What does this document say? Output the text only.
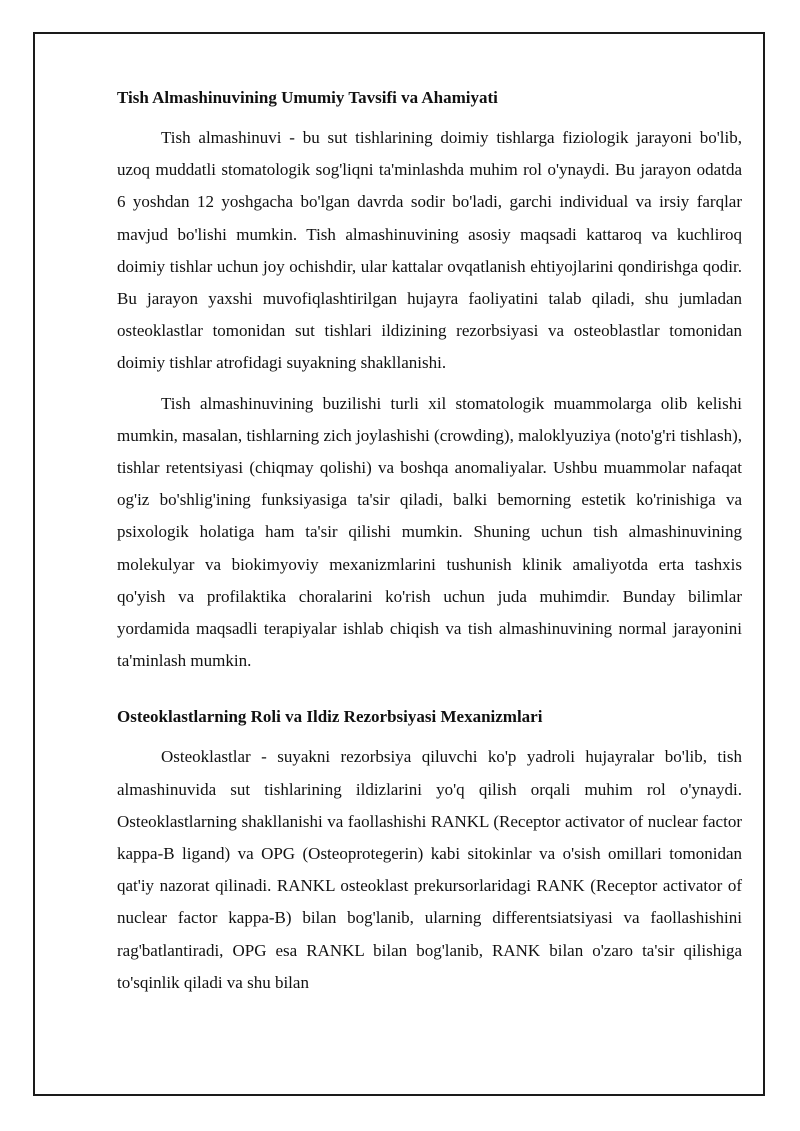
Tish Almashinuvining Umumiy Tavsifi va Ahamiyati

Tish almashinuvi - bu sut tishlarining doimiy tishlarga fiziologik jarayoni bo'lib, uzoq muddatli stomatologik sog'liqni ta'minlashda muhim rol o'ynaydi. Bu jarayon odatda 6 yoshdan 12 yoshgacha bo'lgan davrda sodir bo'ladi, garchi individual va irsiy farqlar mavjud bo'lishi mumkin. Tish almashinuvining asosiy maqsadi kattaroq va kuchliroq doimiy tishlar uchun joy ochishdir, ular kattalar ovqatlanish ehtiyojlarini qondirishga qodir. Bu jarayon yaxshi muvofiqlashtirilgan hujayra faoliyatini talab qiladi, shu jumladan osteoklastlar tomonidan sut tishlari ildizining rezorbsiyasi va osteoblastlar tomonidan doimiy tishlar atrofidagi suyakning shakllanishi.

Tish almashinuvining buzilishi turli xil stomatologik muammolarga olib kelishi mumkin, masalan, tishlarning zich joylashishi (crowding), maloklyuziya (noto'g'ri tishlash), tishlar retentsiyasi (chiqmay qolishi) va boshqa anomaliyalar. Ushbu muammolar nafaqat og'iz bo'shlig'ining funksiyasiga ta'sir qiladi, balki bemorning estetik ko'rinishiga va psixologik holatiga ham ta'sir qilishi mumkin. Shuning uchun tish almashinuvining molekulyar va biokimyoviy mexanizmlarini tushunish klinik amaliyotda erta tashxis qo'yish va profilaktika choralarini ko'rish uchun juda muhimdir. Bunday bilimlar yordamida maqsadli terapiyalar ishlab chiqish va tish almashinuvining normal jarayonini ta'minlash mumkin.

Osteoklastlarning Roli va Ildiz Rezorbsiyasi Mexanizmlari

Osteoklastlar - suyakni rezorbsiya qiluvchi ko'p yadroli hujayralar bo'lib, tish almashinuvida sut tishlarining ildizlarini yo'q qilish orqali muhim rol o'ynaydi. Osteoklastlarning shakllanishi va faollashishi RANKL (Receptor activator of nuclear factor kappa-B ligand) va OPG (Osteoprotegerin) kabi sitokinlar va o'sish omillari tomonidan qat'iy nazorat qilinadi. RANKL osteoklast prekursorlaridagi RANK (Receptor activator of nuclear factor kappa-B) bilan bog'lanib, ularning differentsiatsiyasi va faollashishini rag'batlantiradi, OPG esa RANKL bilan bog'lanib, RANK bilan o'zaro ta'sir qilishiga to'sqinlik qiladi va shu bilan
